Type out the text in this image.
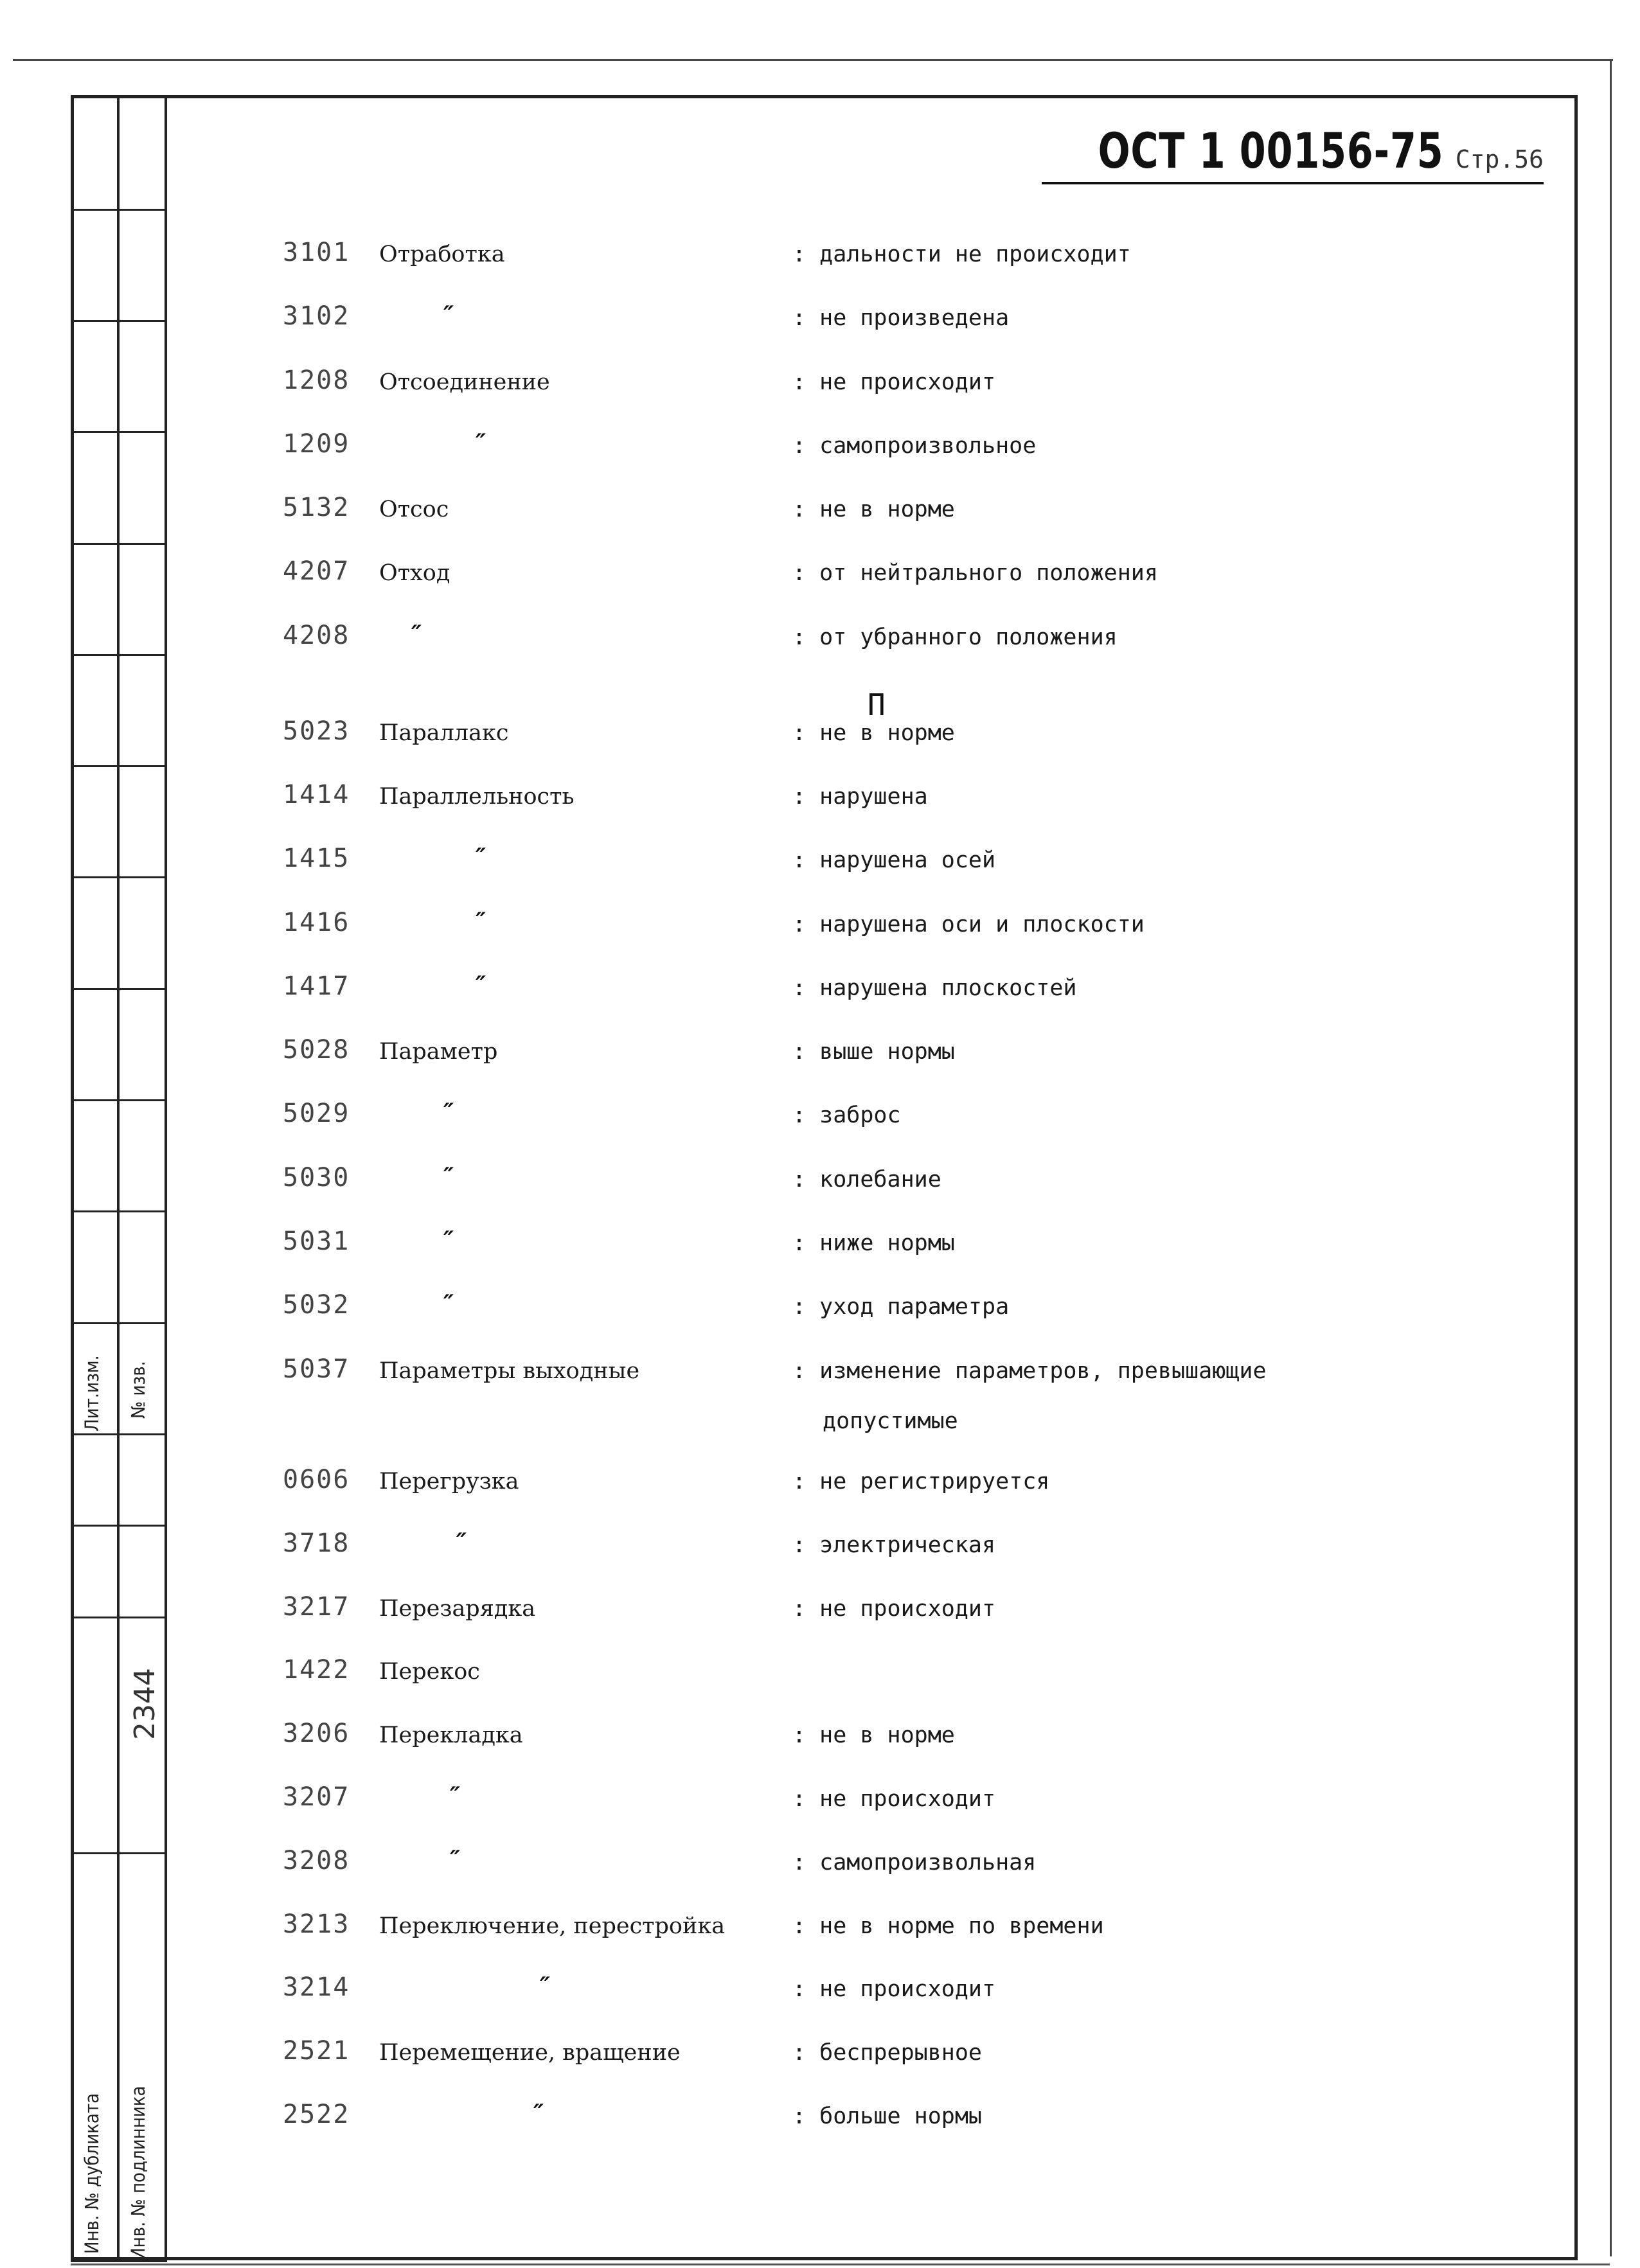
Лит.изм. № изв.
2344
Инв. № дубликата Инв. № подлинника
ОСТ 1 00156-75 Стр.56
П
3101 Отработка	: дальности не происходит
3102	″	: не произведена
1208 Отсоединение	: не происходит
1209	″	: самопроизвольное
5132 Отсос	: не в норме
4207 Отход	: от нейтрального положения
4208	″	: от убранного положения
5023 Параллакс	: не в норме
1414 Параллельность	: нарушена
1415	″	: нарушена осей
1416	″	: нарушена оси и плоскости
1417	″	: нарушена плоскостей
5028 Параметр	: выше нормы
5029	″	: заброс
5030	″	: колебание
5031	″	: ниже нормы
5032	″	: уход параметра
5037 Параметры выходные	: изменение параметров, превышающие
допустимые
0606 Перегрузка	: не регистрируется
3718	″	: электрическая
3217 Перезарядка	: не происходит
1422 Перекос
3206 Перекладка	: не в норме
3207	″	: не происходит
3208	″	: самопроизвольная
3213 Переключение, перестройка	: не в норме по времени
3214	″	: не происходит
2521 Перемещение, вращение	: беспрерывное
2522	″	: больше нормы
